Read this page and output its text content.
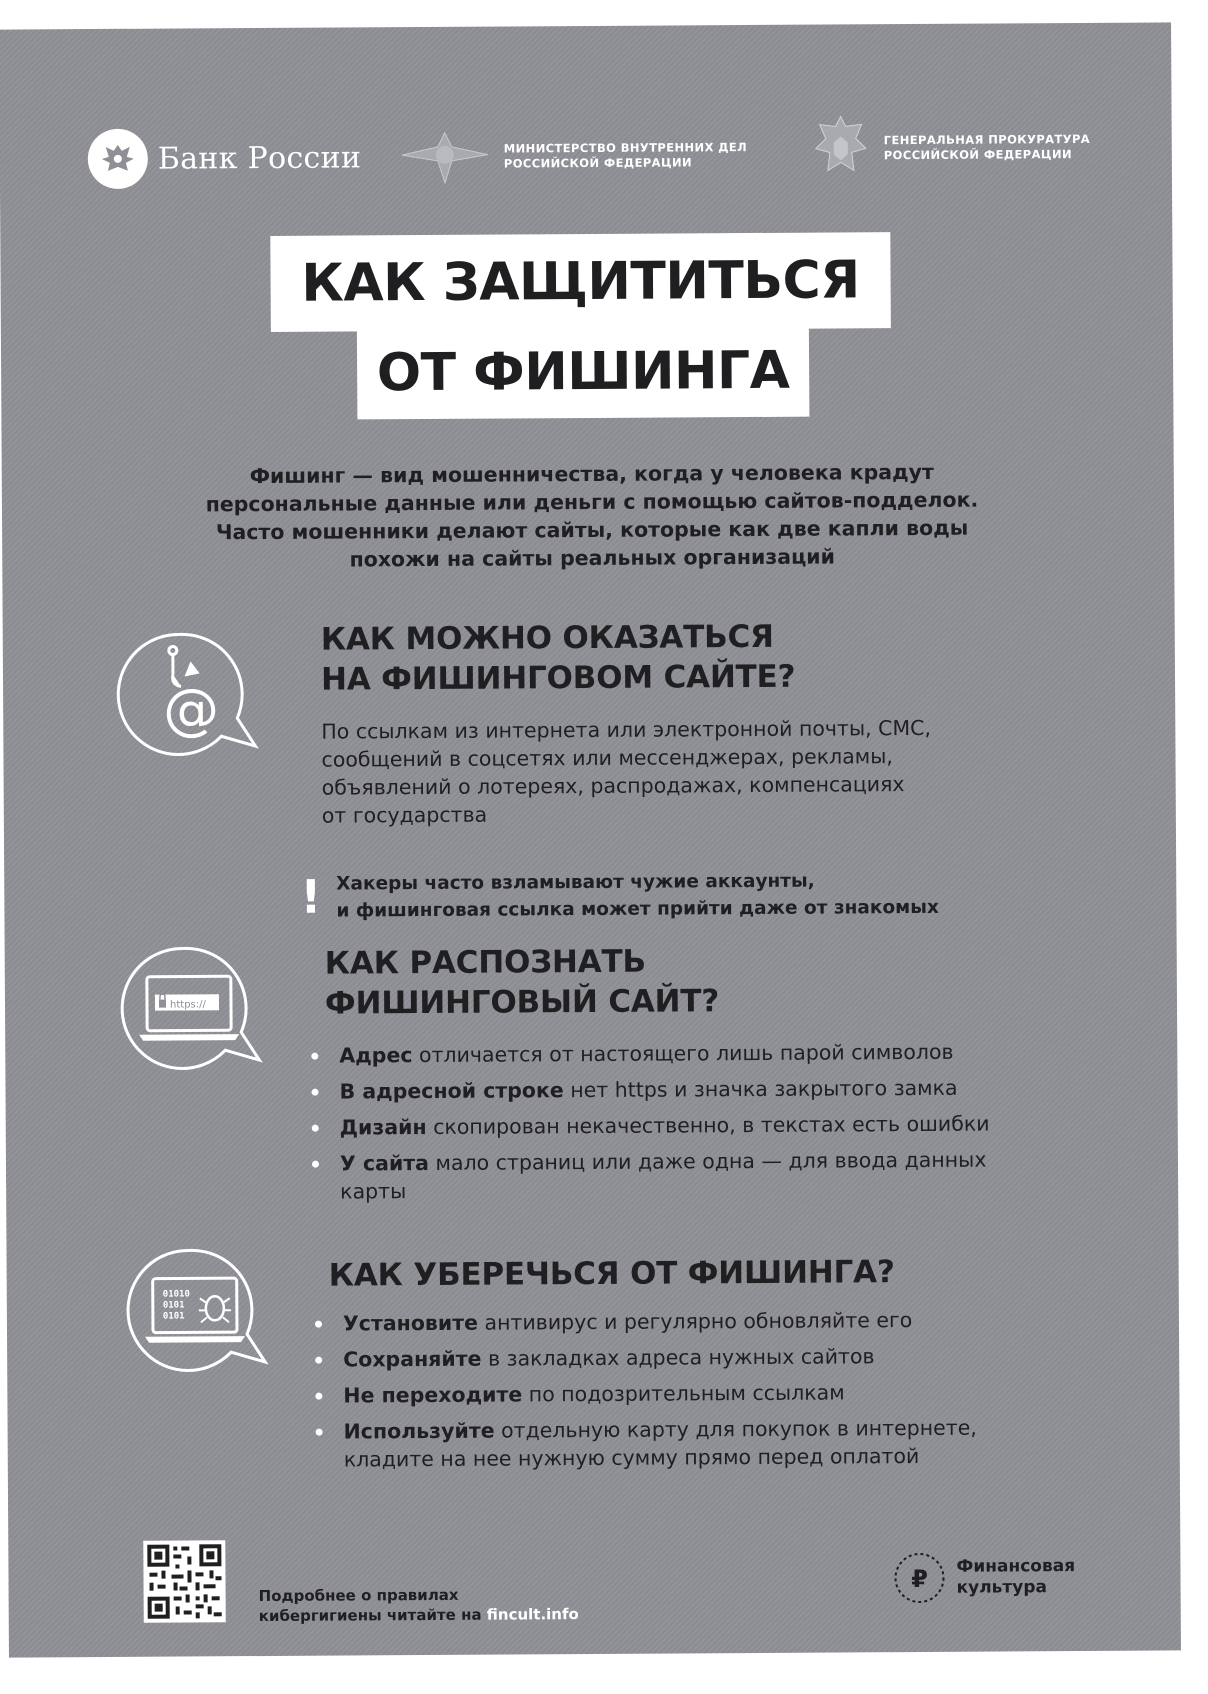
Банк России	МИНИСТЕРСТВО ВНУТРЕННИХ ДЕЛ
РОССИЙСКОЙ ФЕДЕРАЦИИ
ГЕНЕРАЛЬНАЯ ПРОКУРАТУРА
РОССИЙСКОЙ ФЕДЕРАЦИИ
КАК ЗАЩИТИТЬСЯ
ОТ ФИШИНГА
Фишинг — вид мошенничества, когда у человека крадут
персональные данные или деньги с помощью сайтов-подделок.
Часто мошенники делают сайты, которые как две капли воды
похожи на сайты реальных организаций
@
КАК МОЖНО ОКАЗАТЬСЯ
НА ФИШИНГОВОМ САЙТЕ?
По ссылкам из интернета или электронной почты, СМС,
сообщений в соцсетях или мессенджерах, рекламы,
объявлений о лотереях, распродажах, компенсациях
от государства
! Хакеры часто взламывают чужие аккаунты,
и фишинговая ссылка может прийти даже от знакомых
https://
КАК РАСПОЗНАТЬ
ФИШИНГОВЫЙ САЙТ?
Адрес отличается от настоящего лишь парой символов
В адресной строке нет https и значка закрытого замка
Дизайн скопирован некачественно, в текстах есть ошибки
У сайта мало страниц или даже одна — для ввода данных карты
01010
0101
0101
КАК УБЕРЕЧЬСЯ ОТ ФИШИНГА?
Установите антивирус и регулярно обновляйте его
Сохраняйте в закладках адреса нужных сайтов
Не переходите по подозрительным ссылкам
Используйте отдельную карту для покупок в интернете, кладите на нее нужную сумму прямо перед оплатой
Подробнее о правилах
кибергигиены читайте на fincult.info
₽ Финансовая
культура
